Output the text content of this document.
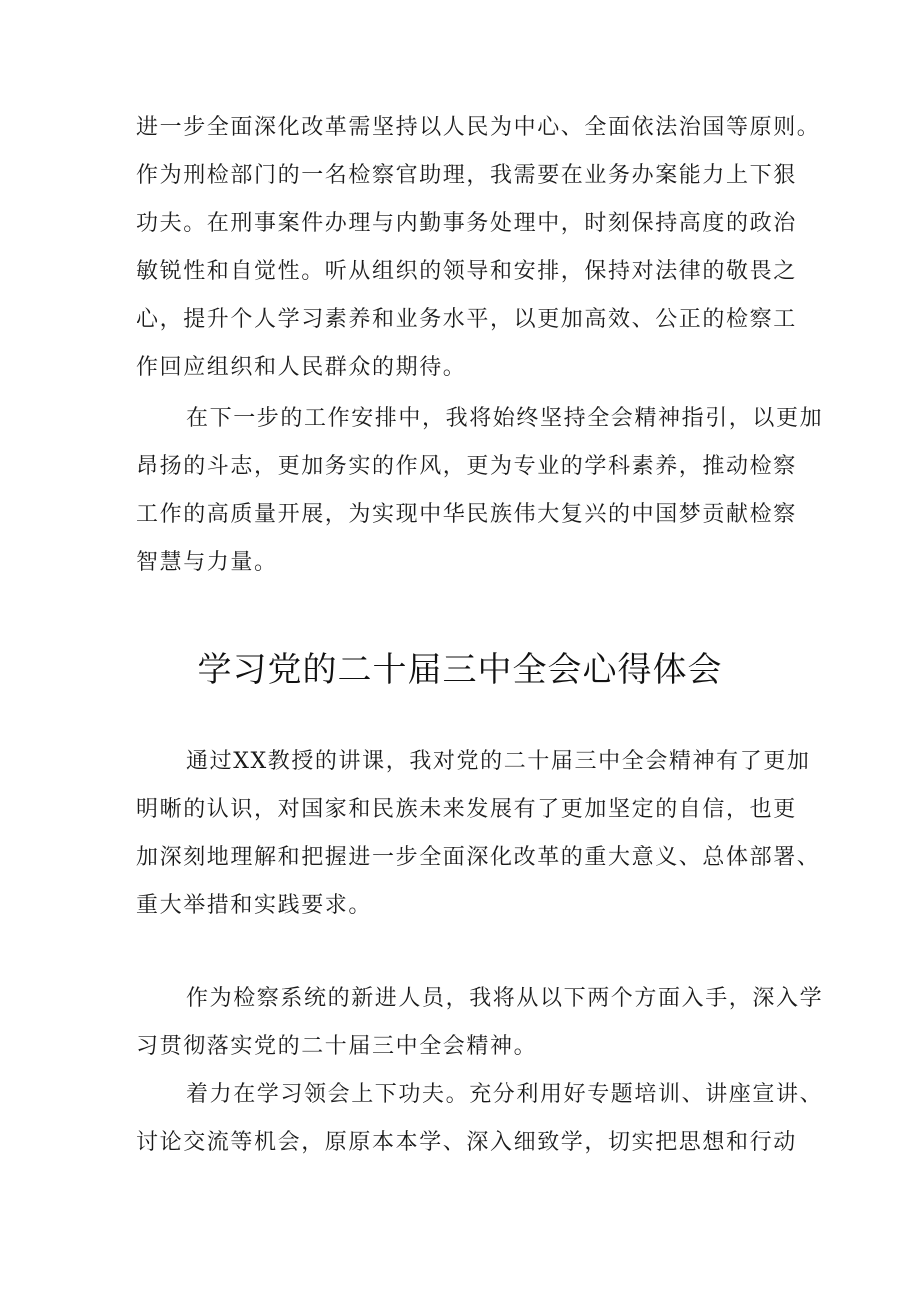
进一步全面深化改革需坚持以人民为中心、全面依法治国等原则。

作为刑检部门的一名检察官助理，我需要在业务办案能力上下狠

功夫。在刑事案件办理与内勤事务处理中，时刻保持高度的政治

敏锐性和自觉性。听从组织的领导和安排，保持对法律的敬畏之

心，提升个人学习素养和业务水平，以更加高效、公正的检察工

作回应组织和人民群众的期待。

在下一步的工作安排中，我将始终坚持全会精神指引，以更加

昂扬的斗志，更加务实的作风，更为专业的学科素养，推动检察

工作的高质量开展，为实现中华民族伟大复兴的中国梦贡献检察

智慧与力量。

学习党的二十届三中全会心得体会

通过XX教授的讲课，我对党的二十届三中全会精神有了更加

明晰的认识，对国家和民族未来发展有了更加坚定的自信，也更

加深刻地理解和把握进一步全面深化改革的重大意义、总体部署、

重大举措和实践要求。

作为检察系统的新进人员，我将从以下两个方面入手，深入学

习贯彻落实党的二十届三中全会精神。

着力在学习领会上下功夫。充分利用好专题培训、讲座宣讲、

讨论交流等机会，原原本本学、深入细致学，切实把思想和行动
